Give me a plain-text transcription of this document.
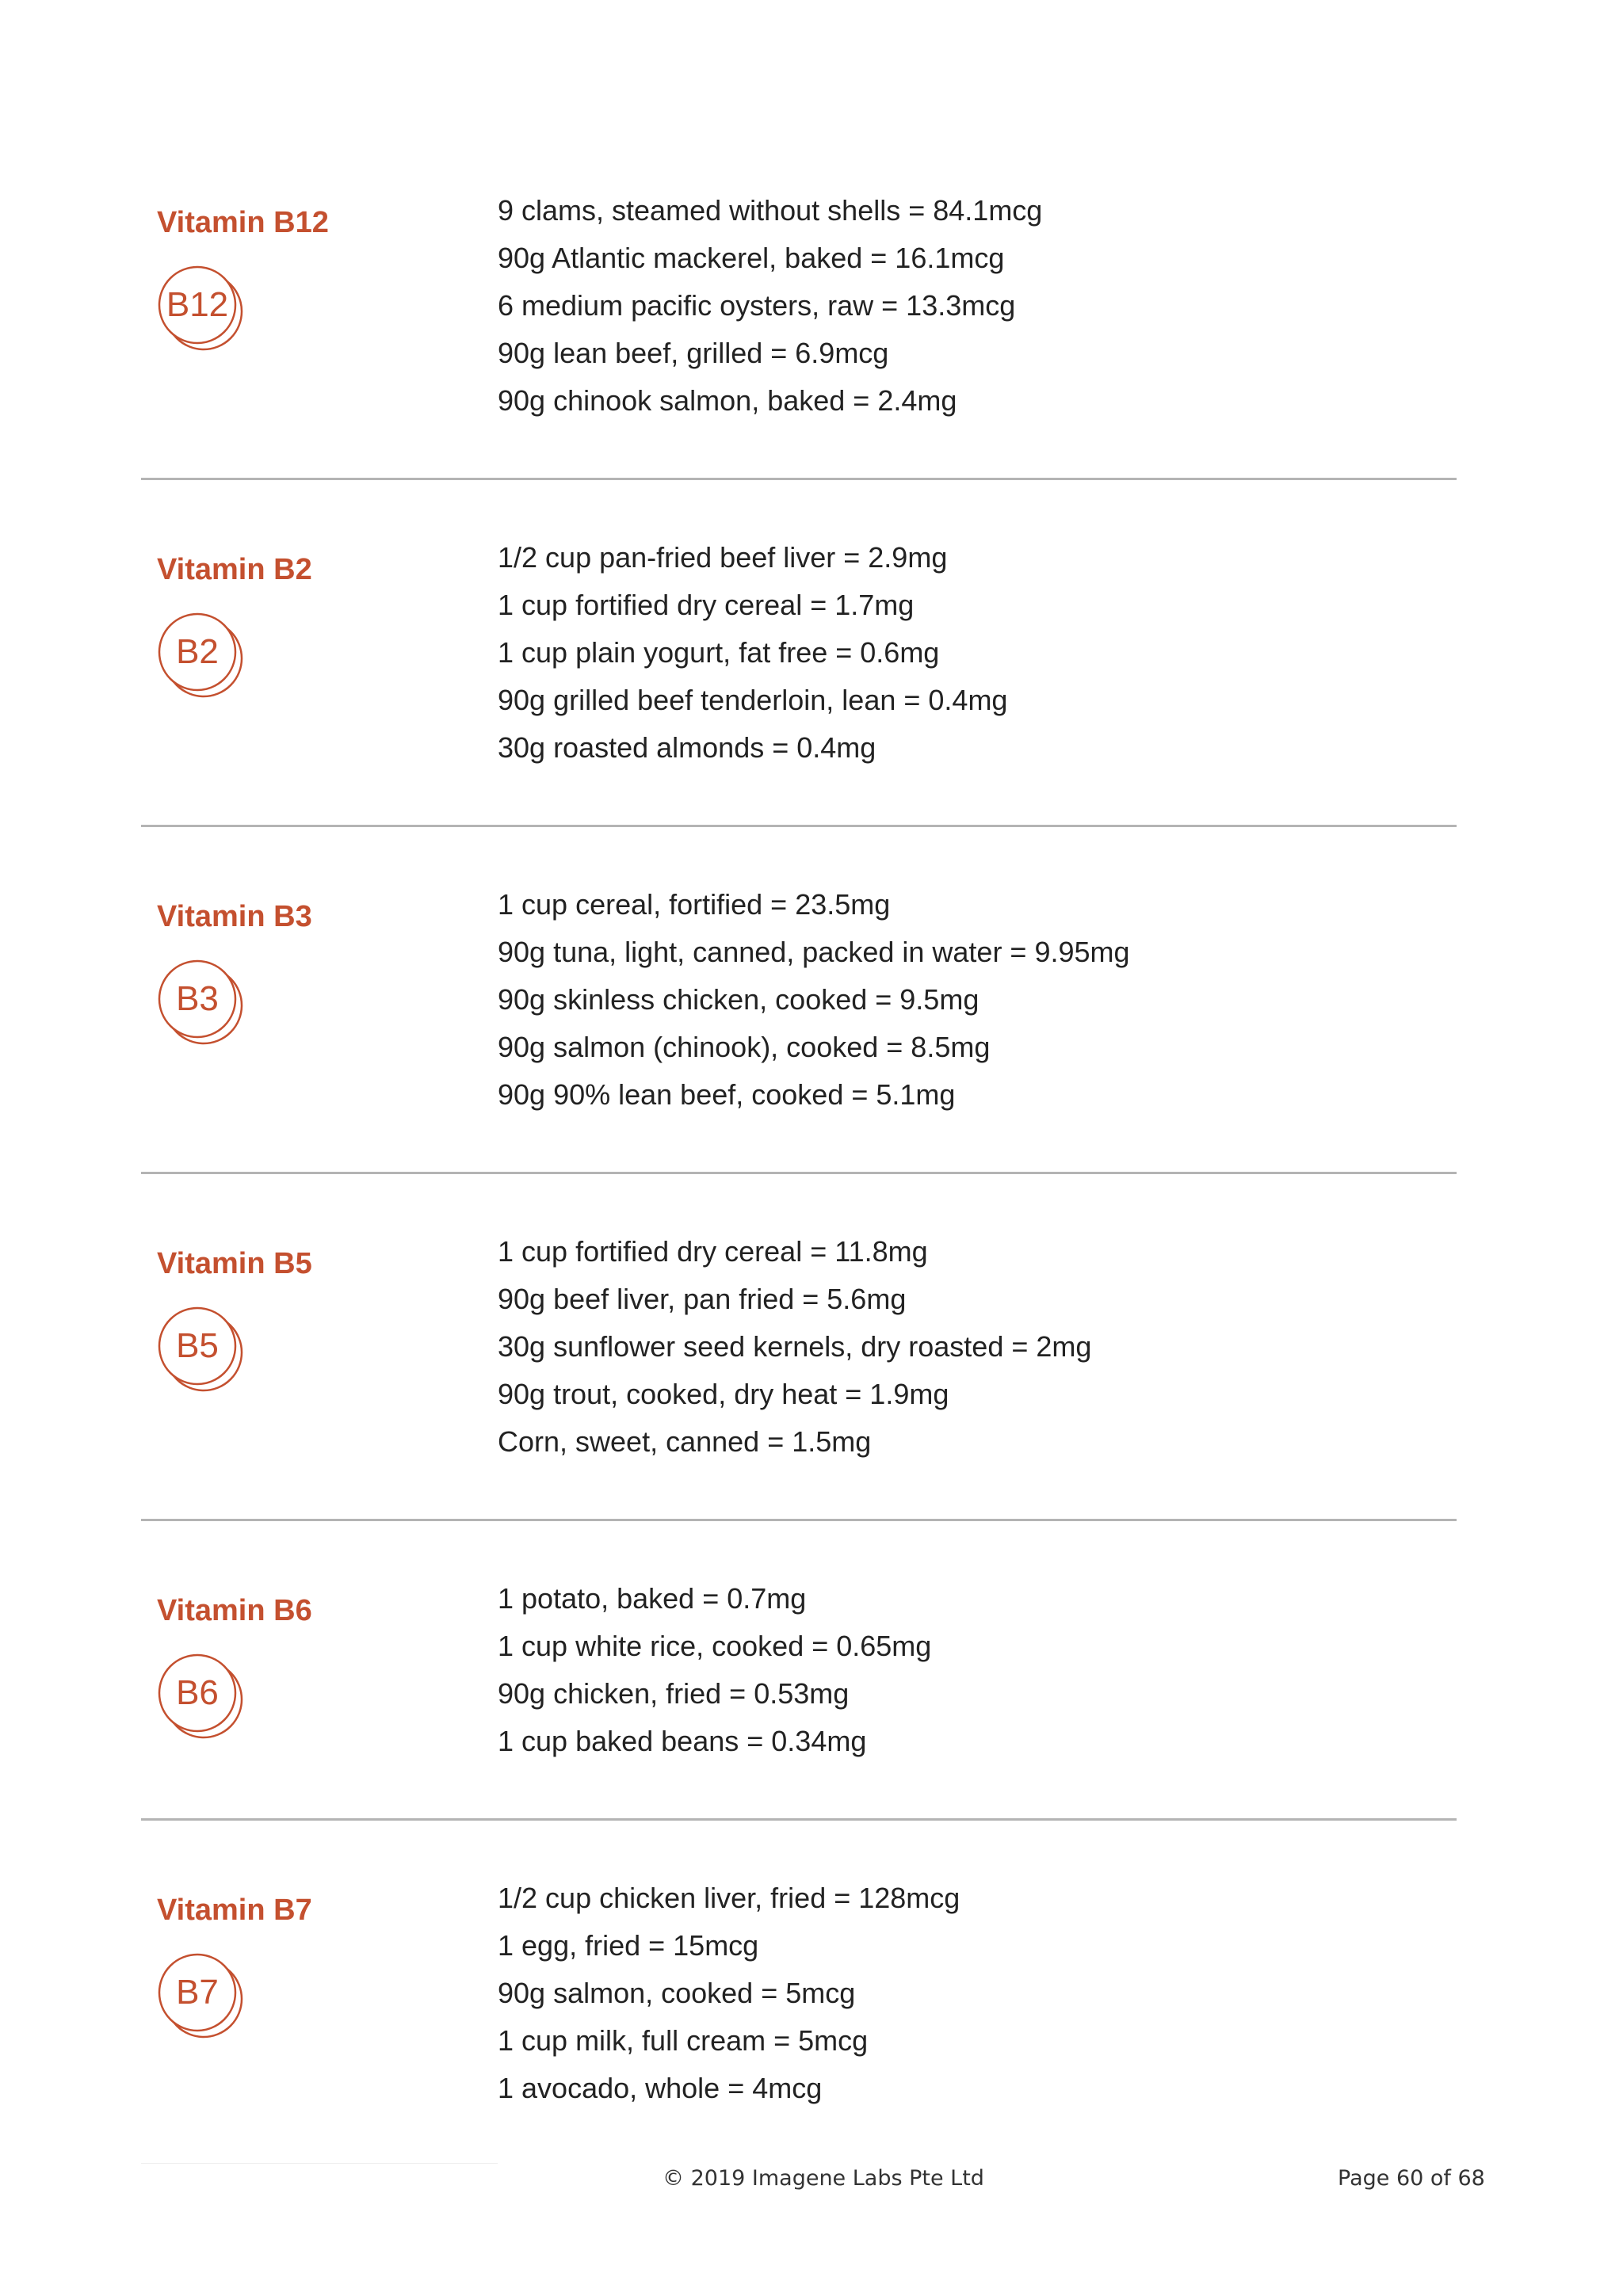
Vitamin B12
B12
9 clams, steamed without shells = 84.1mcg
90g Atlantic mackerel, baked = 16.1mcg
6 medium pacific oysters, raw = 13.3mcg
90g lean beef, grilled = 6.9mcg
90g chinook salmon, baked = 2.4mg
Vitamin B2
B2
1/2 cup pan-fried beef liver = 2.9mg
1 cup fortified dry cereal = 1.7mg
1 cup plain yogurt, fat free = 0.6mg
90g grilled beef tenderloin, lean = 0.4mg
30g roasted almonds = 0.4mg
Vitamin B3
B3
1 cup cereal, fortified = 23.5mg
90g tuna, light, canned, packed in water = 9.95mg
90g skinless chicken, cooked = 9.5mg
90g salmon (chinook), cooked = 8.5mg
90g 90% lean beef, cooked = 5.1mg
Vitamin B5
B5
1 cup fortified dry cereal = 11.8mg
90g beef liver, pan fried = 5.6mg
30g sunflower seed kernels, dry roasted = 2mg
90g trout, cooked, dry heat = 1.9mg
Corn, sweet, canned = 1.5mg
Vitamin B6
B6
1 potato, baked = 0.7mg
1 cup white rice, cooked = 0.65mg
90g chicken, fried = 0.53mg
1 cup baked beans = 0.34mg
Vitamin B7
B7
1/2 cup chicken liver, fried = 128mcg
1 egg, fried = 15mcg
90g salmon, cooked = 5mcg
1 cup milk, full cream = 5mcg
1 avocado, whole = 4mcg
© 2019 Imagene Labs Pte Ltd	Page 60 of 68
